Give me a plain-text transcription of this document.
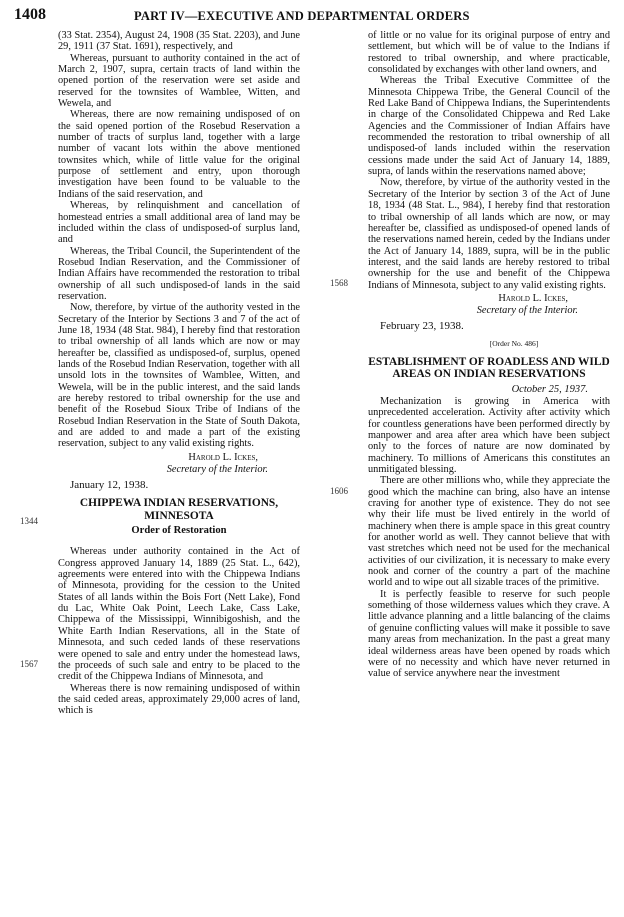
1408	PART IV—EXECUTIVE AND DEPARTMENTAL ORDERS
1344
1567
1568
1606

(33 Stat. 2354), August 24, 1908 (35 Stat. 2203), and June 29, 1911 (37 Stat. 1691), respectively, and

Whereas, pursuant to authority contained in the act of March 2, 1907, supra, certain tracts of land within the opened portion of the reservation were set aside and reserved for the townsites of Wamblee, Witten, and Wewela, and

Whereas, there are now remaining undisposed of on the said opened portion of the Rosebud Reservation a number of tracts of surplus land, together with a large number of vacant lots within the above mentioned townsites which, while of little value for the original purpose of settlement and entry, upon thorough investigation have been found to be valuable to the Indians of the said reservation, and

Whereas, by relinquishment and cancellation of homestead entries a small additional area of land may be included within the class of undisposed-of surplus land, and

Whereas, the Tribal Council, the Superintendent of the Rosebud Indian Reservation, and the Commissioner of Indian Affairs have recommended the restoration to tribal ownership of all such undisposed-of lands in the said reservation.

Now, therefore, by virtue of the authority vested in the Secretary of the Interior by Sections 3 and 7 of the act of June 18, 1934 (48 Stat. 984), I hereby find that restoration to tribal ownership of all lands which are now or may hereafter be, classified as undisposed-of, surplus, opened lands of the Rosebud Indian Reservation, together with all unsold lots in the townsites of Wamblee, Witten, and Wewela, will be in the public interest, and the said lands are hereby restored to tribal ownership for the use and benefit of the Rosebud Sioux Tribe of Indians of the Rosebud Indian Reservation in the State of South Dakota, and are added to and made a part of the existing reservation, subject to any valid existing rights.

Harold L. Ickes,
Secretary of the Interior.
January 12, 1938.
CHIPPEWA INDIAN RESERVATIONS, MINNESOTA
Order of Restoration

Whereas under authority contained in the Act of Congress approved January 14, 1889 (25 Stat. L., 642), agreements were entered into with the Chippewa Indians of Minnesota, providing for the cession to the United States of all lands within the Bois Fort (Nett Lake), Fond du Lac, White Oak Point, Leech Lake, Cass Lake, Chippewa of the Mississippi, Winnibigoshish, and the White Earth Indian Reservations, all in the State of Minnesota, and such ceded lands of these reservations were opened to sale and entry under the homestead laws, the proceeds of such sale and entry to be placed to the credit of the Chippewa Indians of Minnesota, and

Whereas there is now remaining undisposed of within the said ceded areas, approximately 29,000 acres of land, which is

of little or no value for its original purpose of entry and settlement, but which will be of value to the Indians if restored to tribal ownership, and where practicable, consolidated by exchanges with other land owners, and

Whereas the Tribal Executive Committee of the Minnesota Chippewa Tribe, the General Council of the Red Lake Band of Chippewa Indians, the Superintendents in charge of the Consolidated Chippewa and Red Lake Agencies and the Commissioner of Indian Affairs have recommended the restoration to tribal ownership of all undisposed-of lands included within the reservation cessions made under the said Act of January 14, 1889, supra, of lands within the reservations named above;

Now, therefore, by virtue of the authority vested in the Secretary of the Interior by section 3 of the Act of June 18, 1934 (48 Stat. L., 984), I hereby find that restoration to tribal ownership of all lands which are now, or may hereafter be, classified as undisposed-of opened lands of the reservations named herein, ceded by the Indians under the Act of January 14, 1889, supra, will be in the public interest, and the said lands are hereby restored to tribal ownership for the use and benefit of the Chippewa Indians of Minnesota, subject to any valid existing rights.

Harold L. Ickes,
Secretary of the Interior.
February 23, 1938.
[Order No. 486]
ESTABLISHMENT OF ROADLESS AND WILD AREAS ON INDIAN RESERVATIONS
October 25, 1937.

Mechanization is growing in America with unprecedented acceleration. Activity after activity which for countless generations have been performed directly by manpower and area after area which have been subject only to the forces of nature are now dominated by machinery. To millions of Americans this constitutes an unmitigated blessing.

There are other millions who, while they appreciate the good which the machine can bring, also have an intense craving for another type of existence. They do not see why their life must be lived entirely in the world of machinery when there is ample space in this great country for another world as well. They cannot believe that with vast stretches which need not be used for the mechanical activities of our civilization, it is necessary to make every nook and corner of the country a part of the machine world and to wipe out all sizable traces of the primitive.

It is perfectly feasible to reserve for such people something of those wilderness values which they crave. A little advance planning and a little balancing of the claims of genuine conflicting values will make it possible to save many areas from mechanization. In the past a great many ideal wilderness areas have been opened by roads which were of no necessity and which have never returned in value of service anywhere near the investment
